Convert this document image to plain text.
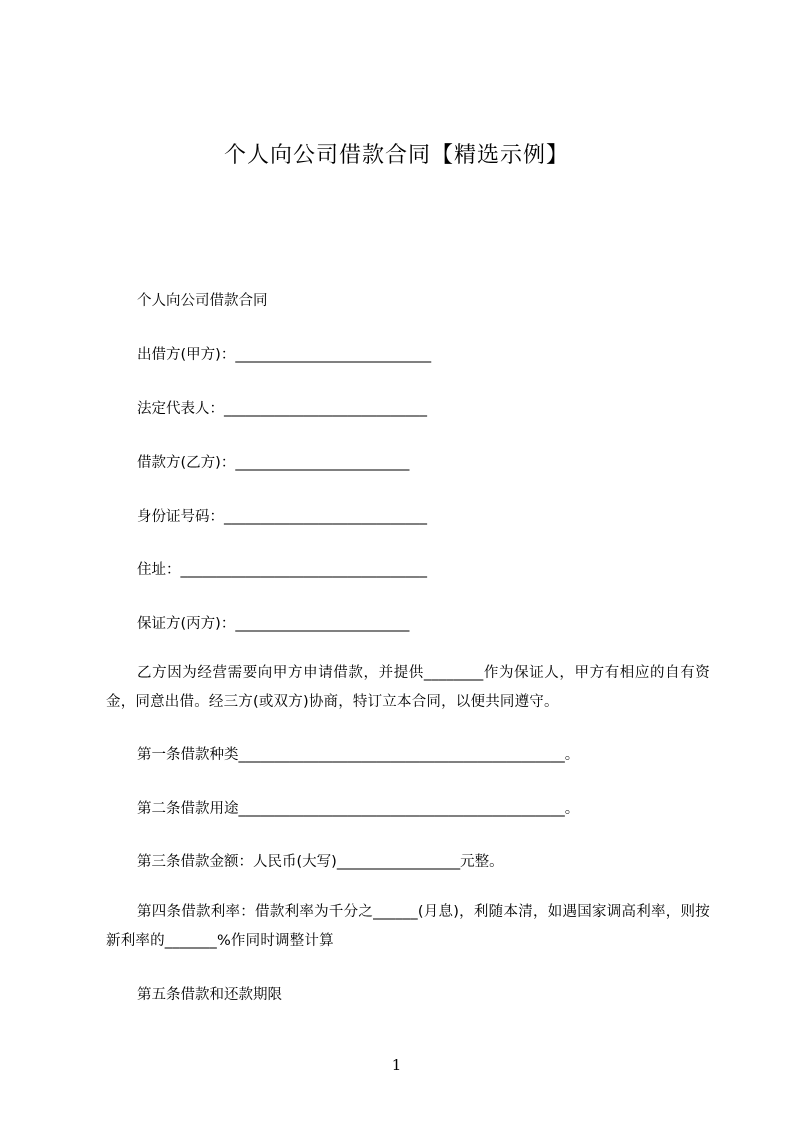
个人向公司借款合同【精选示例】
个人向公司借款合同
出借方(甲方)：___________________________
法定代表人：____________________________
借款方(乙方)：________________________
身份证号码：____________________________
住址：__________________________________
保证方(丙方)：________________________
乙方因为经营需要向甲方申请借款，并提供________作为保证人，甲方有相应的自有资金，同意出借。经三方(或双方)协商，特订立本合同，以便共同遵守。
第一条借款种类_____________________________________________。
第二条借款用途_____________________________________________。
第三条借款金额：人民币(大写)_________________元整。
第四条借款利率：借款利率为千分之______(月息)，利随本清，如遇国家调高利率，则按新利率的_______%作同时调整计算
第五条借款和还款期限
1
